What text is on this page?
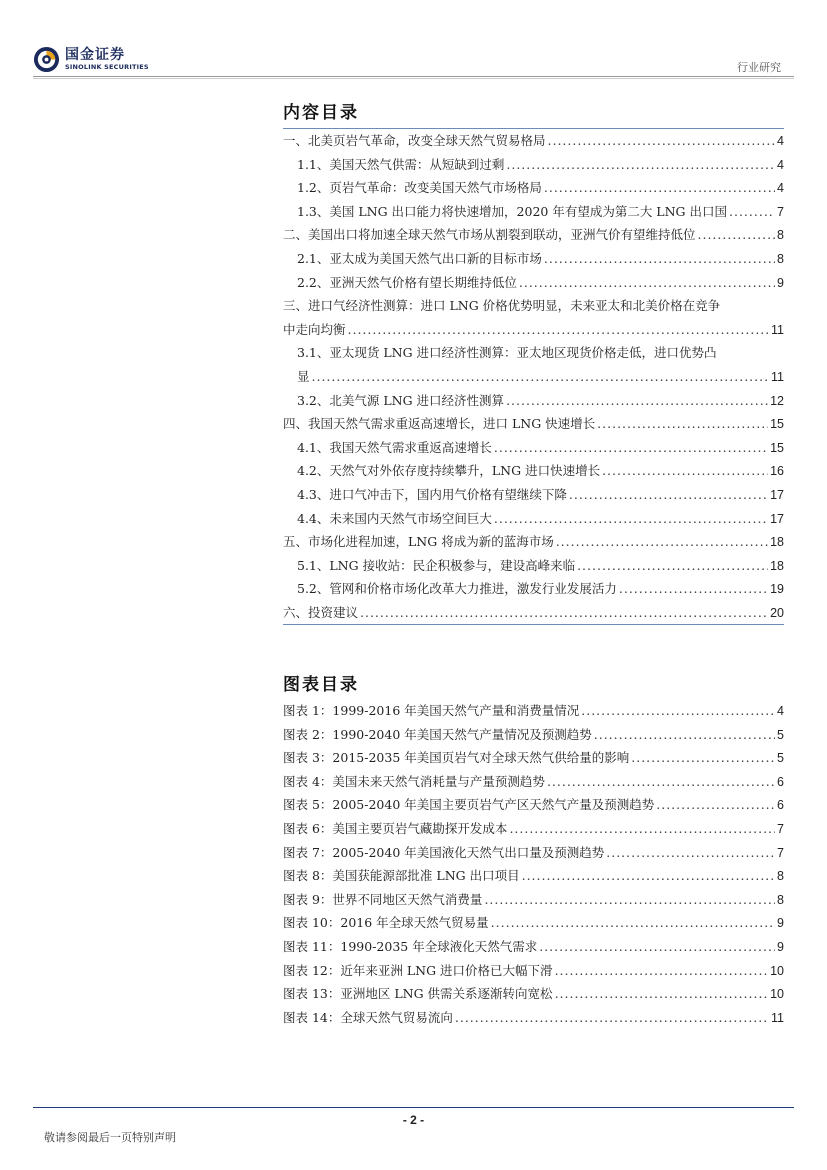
国金证券
SINOLINK SECURITIES	行业研究
内容目录
一、北美页岩气革命，改变全球天然气贸易格局 .....	4
1.1、美国天然气供需：从短缺到过剩 .....	4
1.2、页岩气革命：改变美国天然气市场格局 .....	4
1.3、美国 LNG 出口能力将快速增加，2020 年有望成为第二大 LNG 出口国 .....	7
二、美国出口将加速全球天然气市场从割裂到联动，亚洲气价有望维持低位 .....	8
2.1、亚太成为美国天然气出口新的目标市场 .....	8
2.2、亚洲天然气价格有望长期维持低位 .....	9
三、进口气经济性测算：进口 LNG 价格优势明显，未来亚太和北美价格在竞争
中走向均衡 .....	11
3.1、亚太现货 LNG 进口经济性测算：亚太地区现货价格走低，进口优势凸
显 .....	11
3.2、北美气源 LNG 进口经济性测算 .....	12
四、我国天然气需求重返高速增长，进口 LNG 快速增长 .....	15
4.1、我国天然气需求重返高速增长 .....	15
4.2、天然气对外依存度持续攀升，LNG 进口快速增长 .....	16
4.3、进口气冲击下，国内用气价格有望继续下降 .....	17
4.4、未来国内天然气市场空间巨大 .....	17
五、市场化进程加速，LNG 将成为新的蓝海市场 .....	18
5.1、LNG 接收站：民企积极参与，建设高峰来临 .....	18
5.2、管网和价格市场化改革大力推进，激发行业发展活力 .....	19
六、投资建议 .....	20
图表目录
图表 1：1999-2016 年美国天然气产量和消费量情况 .....	4
图表 2：1990-2040 年美国天然气产量情况及预测趋势 .....	5
图表 3：2015-2035 年美国页岩气对全球天然气供给量的影响 .....	5
图表 4：美国未来天然气消耗量与产量预测趋势 .....	6
图表 5：2005-2040 年美国主要页岩气产区天然气产量及预测趋势 .....	6
图表 6：美国主要页岩气藏勘探开发成本 .....	7
图表 7：2005-2040 年美国液化天然气出口量及预测趋势 .....	7
图表 8：美国获能源部批准 LNG 出口项目 .....	8
图表 9：世界不同地区天然气消费量 .....	8
图表 10：2016 年全球天然气贸易量 .....	9
图表 11：1990-2035 年全球液化天然气需求 .....	9
图表 12：近年来亚洲 LNG 进口价格已大幅下滑 .....	10
图表 13：亚洲地区 LNG 供需关系逐渐转向宽松 .....	10
图表 14：全球天然气贸易流向 .....	11
- 2 -
敬请参阅最后一页特别声明
